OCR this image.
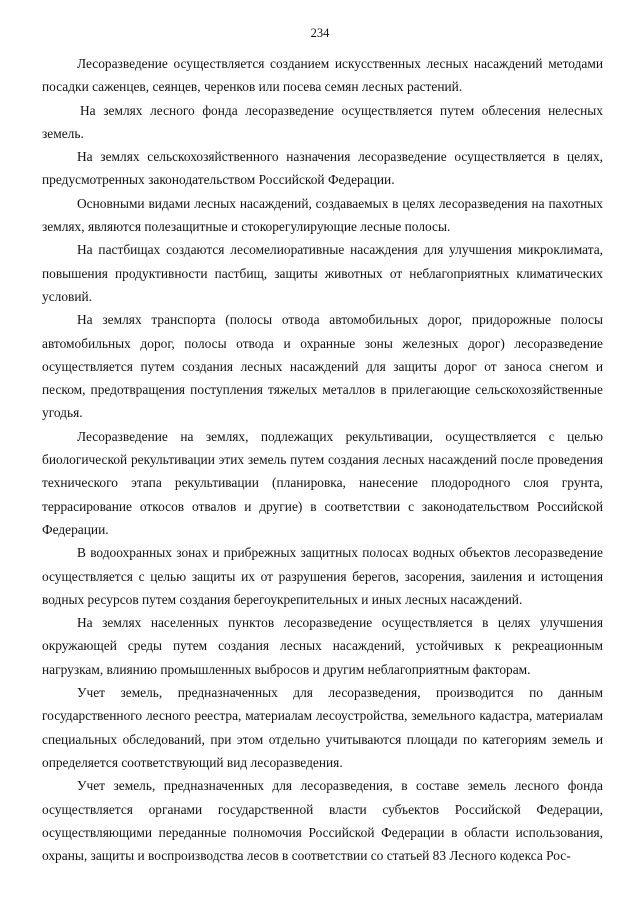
234

Лесоразведение осуществляется созданием искусственных лесных насаждений методами посадки саженцев, сеянцев, черенков или посева семян лесных растений.

На землях лесного фонда лесоразведение осуществляется путем облесения нелесных земель.

На землях сельскохозяйственного назначения лесоразведение осуществляется в целях, предусмотренных законодательством Российской Федерации.

Основными видами лесных насаждений, создаваемых в целях лесоразведения на пахотных землях, являются полезащитные и стокорегулирующие лесные полосы.

На пастбищах создаются лесомелиоративные насаждения для улучшения микроклимата, повышения продуктивности пастбищ, защиты животных от неблагоприятных климатических условий.

На землях транспорта (полосы отвода автомобильных дорог, придорожные полосы автомобильных дорог, полосы отвода и охранные зоны железных дорог) лесоразведение осуществляется путем создания лесных насаждений для защиты дорог от заноса снегом и песком, предотвращения поступления тяжелых металлов в прилегающие сельскохозяйственные угодья.

Лесоразведение на землях, подлежащих рекультивации, осуществляется с целью биологической рекультивации этих земель путем создания лесных насаждений после проведения технического этапа рекультивации (планировка, нанесение плодородного слоя грунта, террасирование откосов отвалов и другие) в соответствии с законодательством Российской Федерации.

В водоохранных зонах и прибрежных защитных полосах водных объектов лесоразведение осуществляется с целью защиты их от разрушения берегов, засорения, заиления и истощения водных ресурсов путем создания берегоукрепительных и иных лесных насаждений.

На землях населенных пунктов лесоразведение осуществляется в целях улучшения окружающей среды путем создания лесных насаждений, устойчивых к рекреационным нагрузкам, влиянию промышленных выбросов и другим неблагоприятным факторам.

Учет земель, предназначенных для лесоразведения, производится по данным государственного лесного реестра, материалам лесоустройства, земельного кадастра, материалам специальных обследований, при этом отдельно учитываются площади по категориям земель и определяется соответствующий вид лесоразведения.

Учет земель, предназначенных для лесоразведения, в составе земель лесного фонда осуществляется органами государственной власти субъектов Российской Федерации, осуществляющими переданные полномочия Российской Федерации в области использования, охраны, защиты и воспроизводства лесов в соответствии со статьей 83 Лесного кодекса Рос-
